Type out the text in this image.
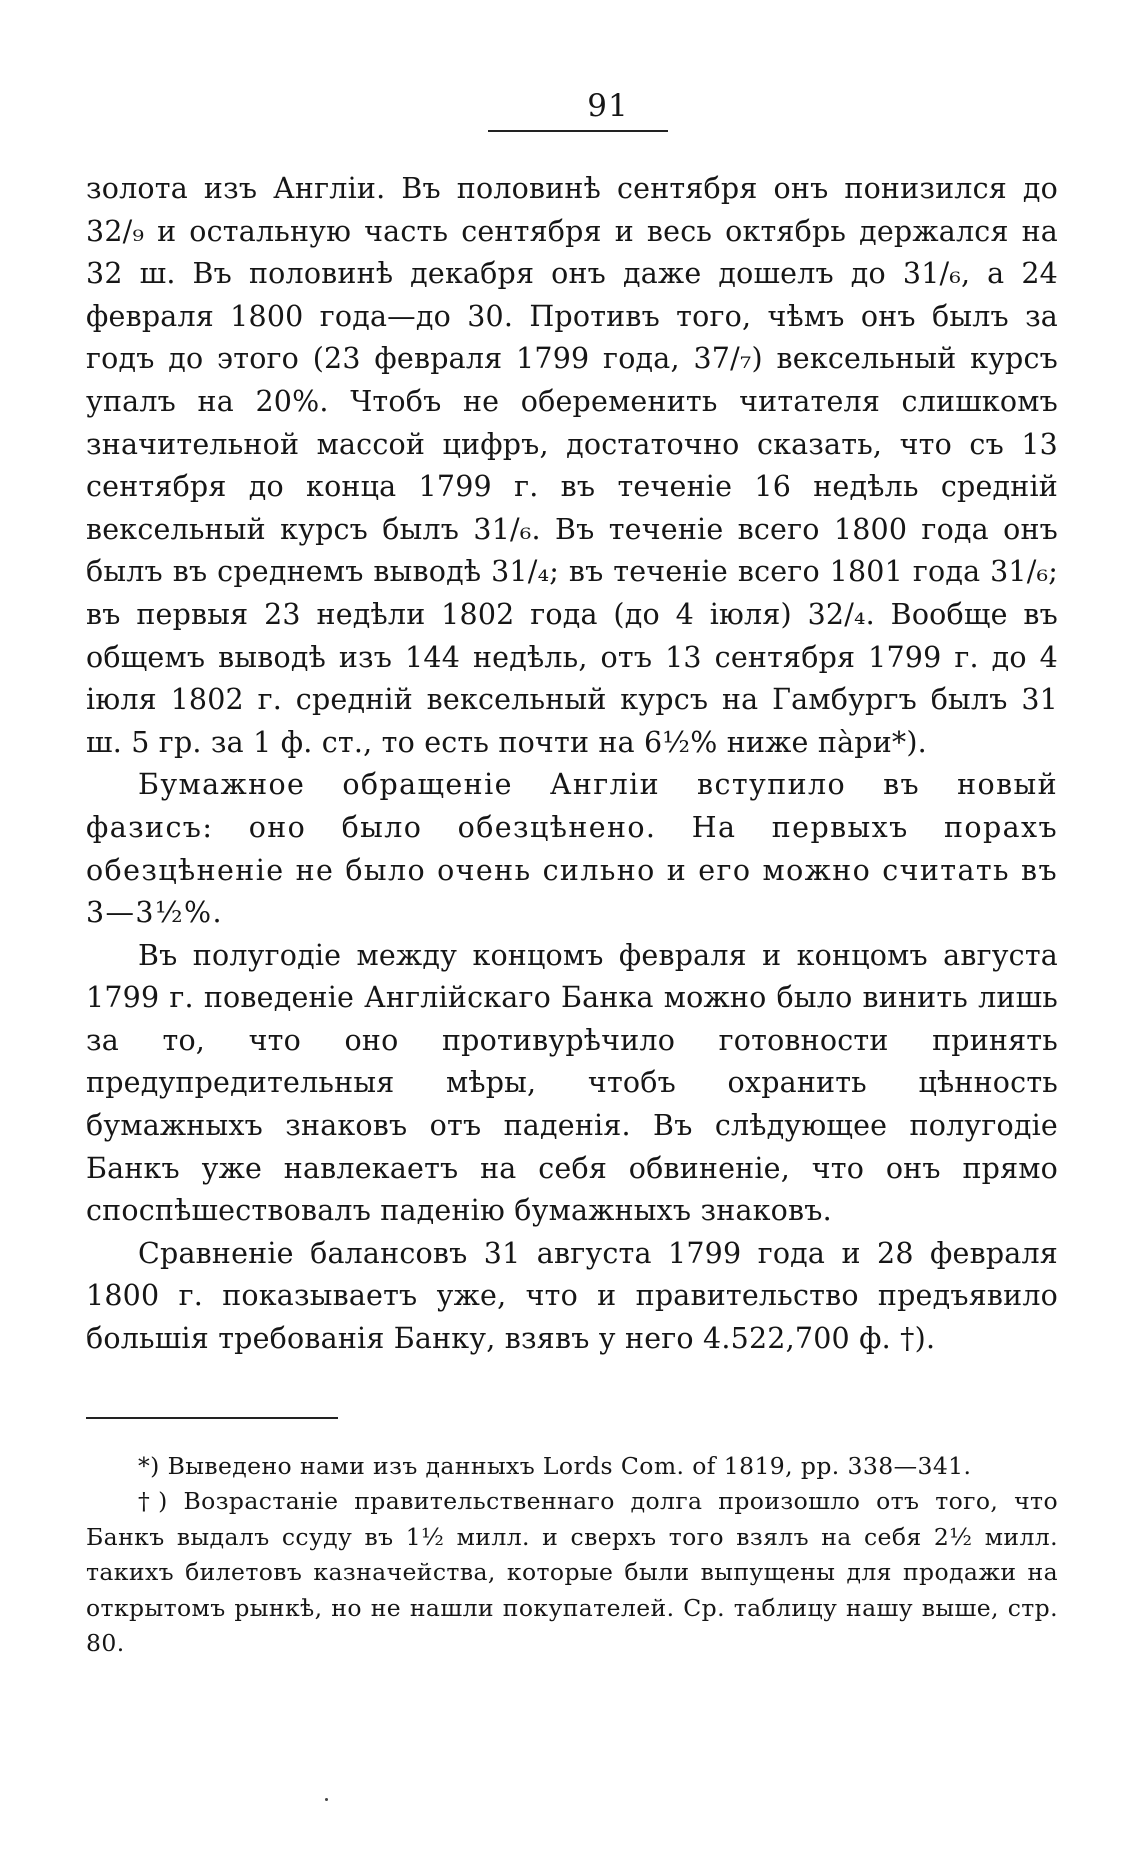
91

золота изъ Англiи. Въ половинѣ сентября онъ понизился до 32/₉ и остальную часть сентября и весь октябрь держался на 32 ш. Въ половинѣ декабря онъ даже дошелъ до 31/₆, а 24 февраля 1800 года—до 30. Противъ того, чѣмъ онъ былъ за годъ до этого (23 февраля 1799 года, 37/₇) вексельный курсъ упалъ на 20%. Чтобъ не обеременить читателя слишкомъ значительной массой цифръ, достаточно сказать, что съ 13 сентября до конца 1799 г. въ теченiе 16 недѣль среднiй вексельный курсъ былъ 31/₆. Въ теченiе всего 1800 года онъ былъ въ среднемъ выводѣ 31/₄; въ теченiе всего 1801 года 31/₆; въ первыя 23 недѣли 1802 года (до 4 iюля) 32/₄. Вообще въ общемъ выводѣ изъ 144 недѣль, отъ 13 сентября 1799 г. до 4 iюля 1802 г. среднiй вексельный курсъ на Гамбургъ былъ 31 ш. 5 гр. за 1 ф. ст., то есть почти на 6½% ниже пàри*).

Бумажное обращенiе Англiи вступило въ новый фазисъ: оно было обезцѣнено. На первыхъ порахъ обезцѣненiе не было очень сильно и его можно считать въ 3—3½%.

Въ полугодiе между концомъ февраля и концомъ августа 1799 г. поведенiе Англiйскаго Банка можно было винить лишь за то, что оно противурѣчило готовности принять предупредительныя мѣры, чтобъ охранить цѣнность бумажныхъ знаковъ отъ паденiя. Въ слѣдующее полугодiе Банкъ уже навлекаетъ на себя обвиненiе, что онъ прямо споспѣшествовалъ паденiю бумажныхъ знаковъ.

Сравненiе балансовъ 31 августа 1799 года и 28 февраля 1800 г. показываетъ уже, что и правительство предъявило большiя требованiя Банку, взявъ у него 4.522,700 ф. †).

*) Выведено нами изъ данныхъ Lords Com. of 1819, pp. 338—341.

†) Возрастанiе правительственнаго долга произошло отъ того, что Банкъ выдалъ ссуду въ 1½ милл. и сверхъ того взялъ на себя 2½ милл. такихъ билетовъ казначейства, которые были выпущены для продажи на открытомъ рынкѣ, но не нашли покупателей. Ср. таблицу нашу выше, стр. 80.
